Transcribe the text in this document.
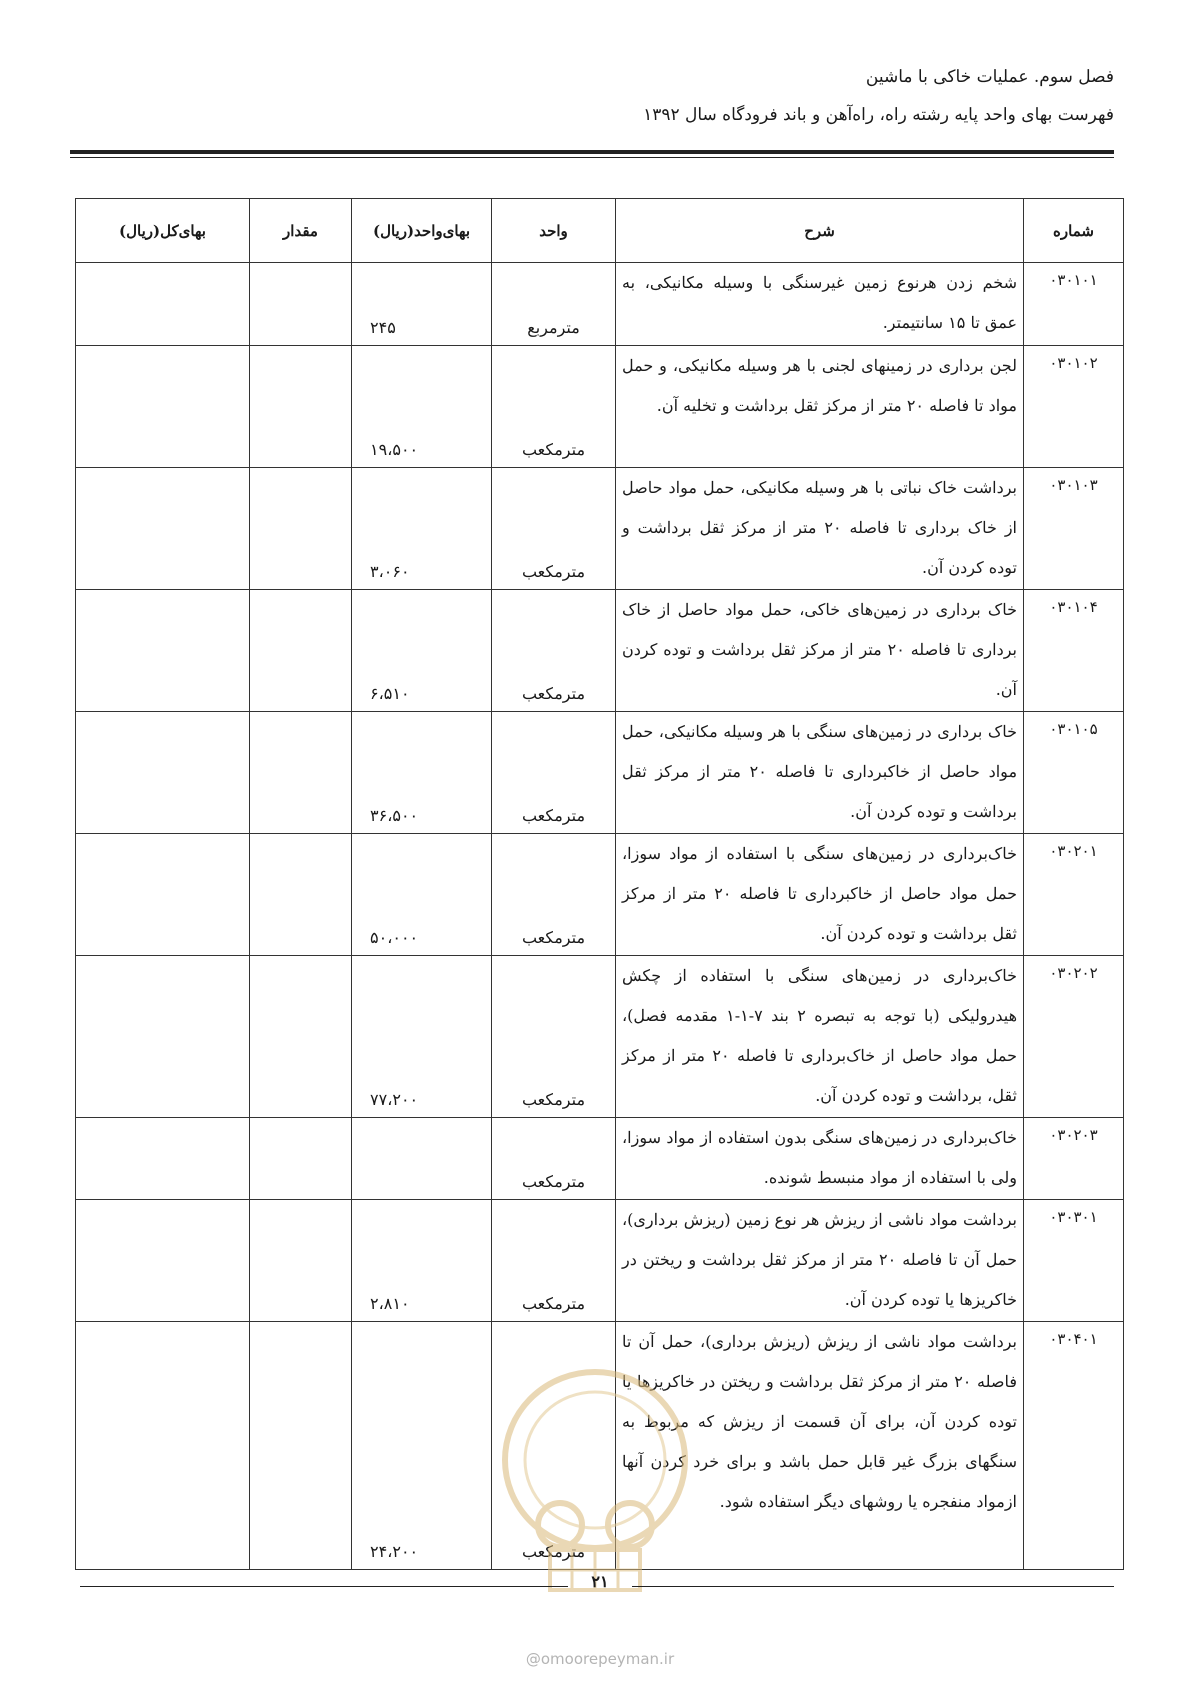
فصل سوم. عملیات خاکی با ماشین
فهرست بهای واحد پایه رشته راه، راه‌آهن و باند فرودگاه سال ۱۳۹۲
شماره	شرح	واحد	بهای‌واحد(ریال)	مقدار	بهای‌کل(ریال)
۰۳۰۱۰۱	شخم زدن هرنوع زمین غیرسنگی با وسیله مکانیکی، به عمق تا ۱۵ سانتیمتر.	مترمربع	۲۴۵		
۰۳۰۱۰۲	لجن برداری در زمینهای لجنی با هر وسیله مکانیکی، و حمل مواد تا فاصله ۲۰ متر از مرکز ثقل برداشت و تخلیه آن.	مترمکعب	۱۹،۵۰۰		
۰۳۰۱۰۳	برداشت خاک نباتی با هر وسیله مکانیکی، حمل مواد حاصل از خاک برداری تا فاصله ۲۰ متر از مرکز ثقل برداشت و توده کردن آن.	مترمکعب	۳،۰۶۰		
۰۳۰۱۰۴	خاک برداری در زمین‌های خاکی، حمل مواد حاصل از خاک برداری تا فاصله ۲۰ متر از مرکز ثقل برداشت و توده کردن آن.	مترمکعب	۶،۵۱۰		
۰۳۰۱۰۵	خاک برداری در زمین‌های سنگی با هر وسیله مکانیکی، حمل مواد حاصل از خاکبرداری تا فاصله ۲۰ متر از مرکز ثقل برداشت و توده کردن آن.	مترمکعب	۳۶،۵۰۰		
۰۳۰۲۰۱	خاک‌برداری در زمین‌های سنگی با استفاده از مواد سوزا، حمل مواد حاصل از خاکبرداری تا فاصله ۲۰ متر از مرکز ثقل برداشت و توده کردن آن.	مترمکعب	۵۰،۰۰۰		
۰۳۰۲۰۲	خاک‌برداری در زمین‌های سنگی با استفاده از چکش هیدرولیکی (با توجه به تبصره ۲ بند ۷-۱-۱ مقدمه فصل)، حمل مواد حاصل از خاک‌برداری تا فاصله ۲۰ متر از مرکز ثقل، برداشت و توده کردن آن.	مترمکعب	۷۷،۲۰۰		
۰۳۰۲۰۳	خاک‌برداری در زمین‌های سنگی بدون استفاده از مواد سوزا، ولی با استفاده از مواد منبسط شونده.	مترمکعب			
۰۳۰۳۰۱	برداشت مواد ناشی از ریزش هر نوع زمین (ریزش برداری)، حمل آن تا فاصله ۲۰ متر از مرکز ثقل برداشت و ریختن در خاکریزها یا توده کردن آن.	مترمکعب	۲،۸۱۰		
۰۳۰۴۰۱	برداشت مواد ناشی از ریزش (ریزش برداری)، حمل آن تا فاصله ۲۰ متر از مرکز ثقل برداشت و ریختن در خاکریزها یا توده کردن آن، برای آن قسمت از ریزش که مربوط به سنگهای بزرگ غیر قابل حمل باشد و برای خرد کردن آنها ازمواد منفجره یا روشهای دیگر استفاده شود.	مترمکعب	۲۴،۲۰۰		
۲۱
@omoorepeyman.ir
